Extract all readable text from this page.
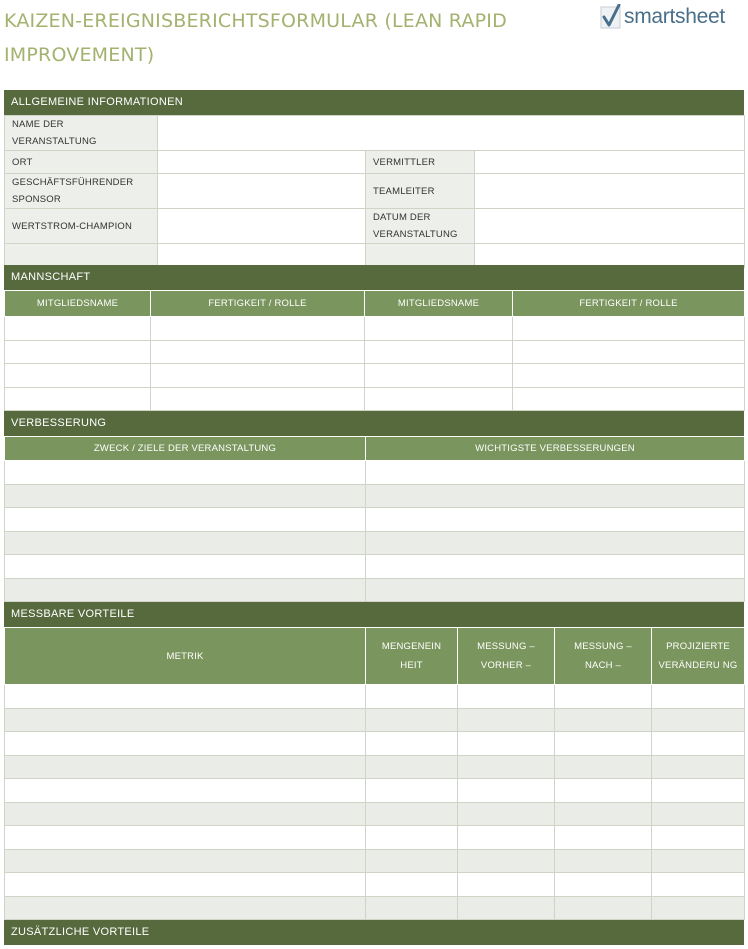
KAIZEN-EREIGNISBERICHTSFORMULAR (LEAN RAPID IMPROVEMENT)
smartsheet
ALLGEMEINE INFORMATIONEN
NAME DER VERANSTALTUNG			
ORT		VERMITTLER	
GESCHÄFTSFÜHRENDER SPONSOR		TEAMLEITER	
WERTSTROM-CHAMPION		DATUM DER VERANSTALTUNG	

MANNSCHAFT
MITGLIEDSNAME	FERTIGKEIT / ROLLE	MITGLIEDSNAME	FERTIGKEIT / ROLLE

VERBESSERUNG
ZWECK / ZIELE DER VERANSTALTUNG	WICHTIGSTE VERBESSERUNGEN

MESSBARE VORTEILE
METRIK	MENGENEIN HEIT	MESSUNG – VORHER –	MESSUNG – NACH –	PROJIZIERTE VERÄNDERU NG

ZUSÄTZLICHE VORTEILE
